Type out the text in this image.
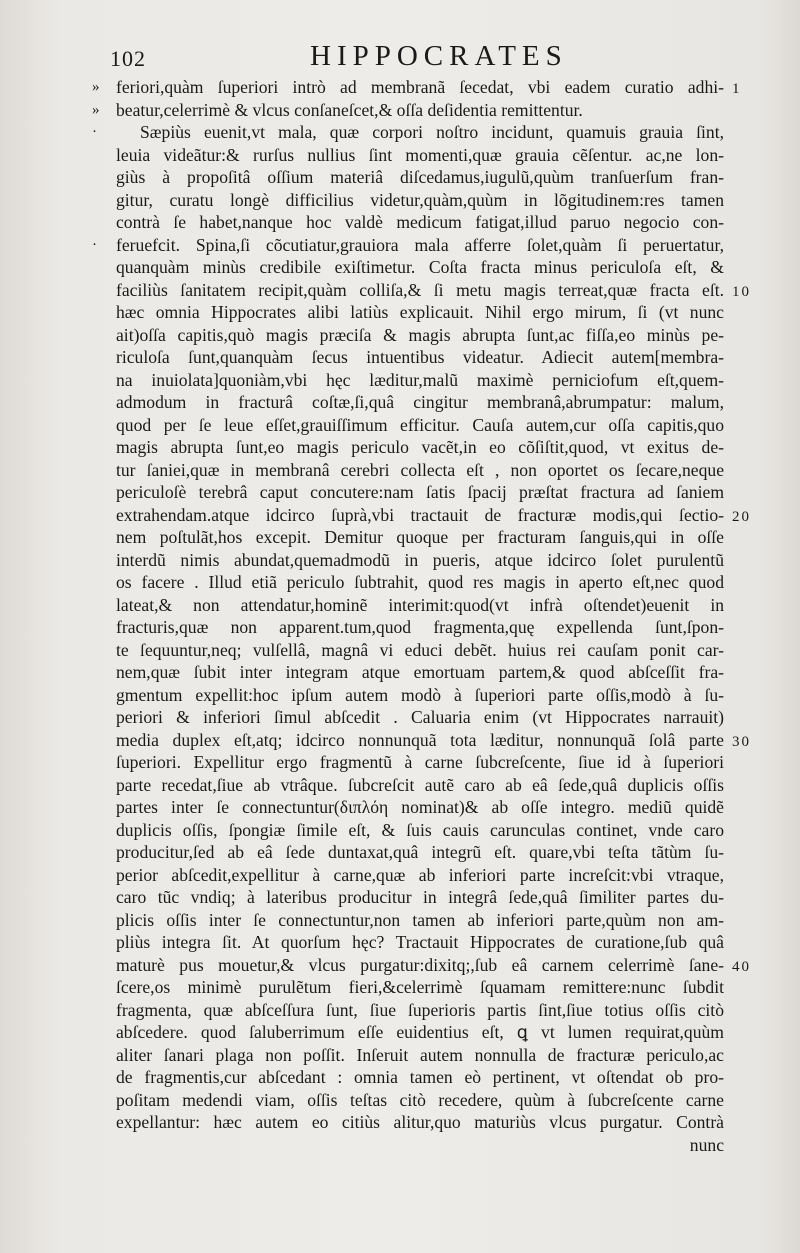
102	HIPPOCRATES
» feriori,quàm ſuperiori intrò ad membranã ſecedat, vbi eadem curatio adhi- 1
» beatur,celerrimè & vlcus conſaneſcet,& oſſa deſidentia remittentur.
· Sæpiùs euenit,vt mala, quæ corpori noſtro incidunt, quamuis grauia ſint,
leuia videãtur:& rurſus nullius ſint momenti,quæ grauia cẽſentur. ac,ne lon-
giùs à propoſitâ oſſium materiâ diſcedamus,iugulũ,quùm tranſuerſum fran-
gitur, curatu longè difficilius videtur,quàm,quùm in lõgitudinem:res tamen
contrà ſe habet,nanque hoc valdè medicum fatigat,illud paruo negocio con-
· feruefcit. Spina,ſi cõcutiatur,grauiora mala afferre ſolet,quàm ſi peruertatur,
quanquàm minùs credibile exiſtimetur. Coſta fracta minus periculoſa eſt, &
faciliùs ſanitatem recipit,quàm colliſa,& ſi metu magis terreat,quæ fracta eſt. 10
hæc omnia Hippocrates alibi latiùs explicauit. Nihil ergo mirum, ſi (vt nunc
ait)oſſa capitis,quò magis præciſa & magis abrupta ſunt,ac fiſſa,eo minùs pe-
riculoſa ſunt,quanquàm ſecus intuentibus videatur. Adiecit autem[membra-
na inuiolata]quoniàm,vbi hęc læditur,malũ maximè perniciofum eſt,quem-
admodum in fracturâ coſtæ,ſi,quâ cingitur membranâ,abrumpatur: malum,
quod per ſe leue eſſet,grauiſſimum efficitur. Cauſa autem,cur oſſa capitis,quo
magis abrupta ſunt,eo magis periculo vacẽt,in eo cõſiſtit,quod, vt exitus de-
tur ſaniei,quæ in membranâ cerebri collecta eſt , non oportet os ſecare,neque
periculoſè terebrâ caput concutere:nam ſatis ſpacij præſtat fractura ad ſaniem
extrahendam.atque idcirco ſuprà,vbi tractauit de fracturæ modis,qui ſectio- 20
nem poſtulãt,hos excepit. Demitur quoque per fracturam ſanguis,qui in oſſe
interdũ nimis abundat,quemadmodũ in pueris, atque idcirco ſolet purulentũ
os facere . Illud etiã periculo ſubtrahit, quod res magis in aperto eſt,nec quod
lateat,& non attendatur,hominẽ interimit:quod(vt infrà oſtendet)euenit in
fracturis,quæ non apparent.tum,quod fragmenta,quę expellenda ſunt,ſpon-
te ſequuntur,neq; vulſellâ, magnâ vi educi debẽt. huius rei cauſam ponit car-
nem,quæ ſubit inter integram atque emortuam partem,& quod abſceſſit fra-
gmentum expellit:hoc ipſum autem modò à ſuperiori parte oſſis,modò à ſu-
periori & inferiori ſimul abſcedit . Caluaria enim (vt Hippocrates narrauit)
media duplex eſt,atq; idcirco nonnunquã tota læditur, nonnunquã ſolâ parte 30
ſuperiori. Expellitur ergo fragmentũ à carne ſubcreſcente, ſiue id à ſuperiori
parte recedat,ſiue ab vtrâque. ſubcreſcit autẽ caro ab eâ ſede,quâ duplicis oſſis
partes inter ſe connectuntur(διπλόη nominat)& ab oſſe integro. mediũ quidẽ
duplicis oſſis, ſpongiæ ſimile eſt, & ſuis cauis carunculas continet, vnde caro
producitur,ſed ab eâ ſede duntaxat,quâ integrũ eſt. quare,vbi teſta tãtùm ſu-
perior abſcedit,expellitur à carne,quæ ab inferiori parte increſcit:vbi vtraque,
caro tũc vndiq; à lateribus producitur in integrâ ſede,quâ ſimiliter partes du-
plicis oſſis inter ſe connectuntur,non tamen ab inferiori parte,quùm non am-
pliùs integra ſit. At quorſum hęc? Tractauit Hippocrates de curatione,ſub quâ
maturè pus mouetur,& vlcus purgatur:dixitq;,ſub eâ carnem celerrimè ſane- 40
ſcere,os minimè purulẽtum fieri,&celerrimè ſquamam remittere:nunc ſubdit
fragmenta, quæ abſceſſura ſunt, ſiue ſuperioris partis ſint,ſiue totius oſſis citò
abſcedere. quod ſaluberrimum eſſe euidentius eſt, ꝗ vt lumen requirat,quùm
aliter ſanari plaga non poſſit. Inſeruit autem nonnulla de fracturæ periculo,ac
de fragmentis,cur abſcedant : omnia tamen eò pertinent, vt oſtendat ob pro-
poſitam medendi viam, oſſis teſtas citò recedere, quùm à ſubcreſcente carne
expellantur: hæc autem eo citiùs alitur,quo maturiùs vlcus purgatur. Contrà
nunc
